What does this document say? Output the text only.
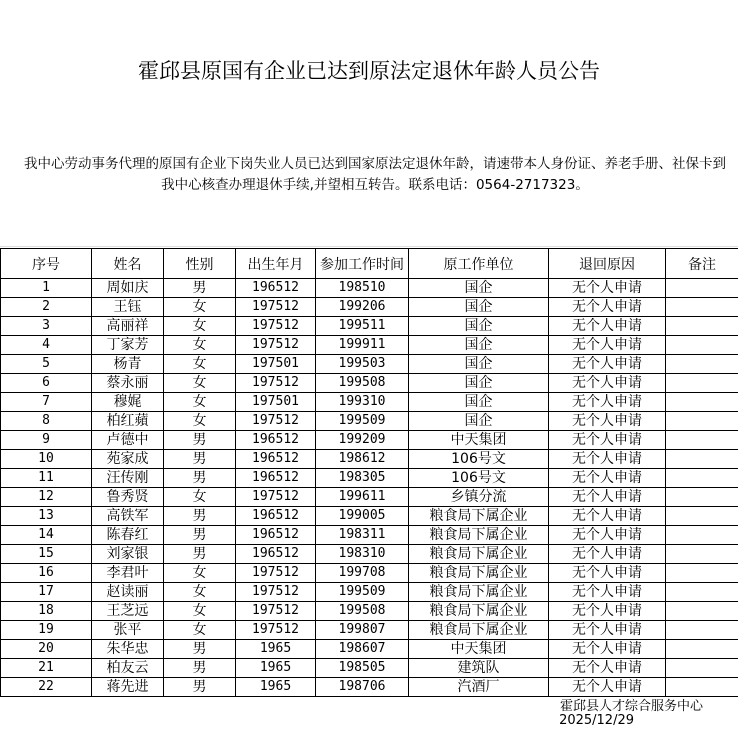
霍邱县原国有企业已达到原法定退休年龄人员公告
我中心劳动事务代理的原国有企业下岗失业人员已达到国家原法定退休年龄，请速带本人身份证、养老手册、社保卡到我中心核查办理退休手续,并望相互转告。联系电话：0564-2717323。
序号	姓名	性别	出生年月	参加工作时间	原工作单位	退回原因	备注
1	周如庆	男	196512	198510	国企	无个人申请	
2	王钰	女	197512	199206	国企	无个人申请	
3	高丽祥	女	197512	199511	国企	无个人申请	
4	丁家芳	女	197512	199911	国企	无个人申请	
5	杨青	女	197501	199503	国企	无个人申请	
6	蔡永丽	女	197512	199508	国企	无个人申请	
7	穆娓	女	197501	199310	国企	无个人申请	
8	柏红蘋	女	197512	199509	国企	无个人申请	
9	卢德中	男	196512	199209	中天集团	无个人申请	
10	苑家成	男	196512	198612	106号文	无个人申请	
11	汪传刚	男	196512	198305	106号文	无个人申请	
12	鲁秀贤	女	197512	199611	乡镇分流	无个人申请	
13	高铁军	男	196512	199005	粮食局下属企业	无个人申请	
14	陈春红	男	196512	198311	粮食局下属企业	无个人申请	
15	刘家银	男	196512	198310	粮食局下属企业	无个人申请	
16	李君叶	女	197512	199708	粮食局下属企业	无个人申请	
17	赵读丽	女	197512	199509	粮食局下属企业	无个人申请	
18	王芝远	女	197512	199508	粮食局下属企业	无个人申请	
19	张平	女	197512	199807	粮食局下属企业	无个人申请	
20	朱华忠	男	1965	198607	中天集团	无个人申请	
21	柏友云	男	1965	198505	建筑队	无个人申请	
22	蒋先进	男	1965	198706	汽酒厂	无个人申请	
霍邱县人才综合服务中心
2025/12/29
